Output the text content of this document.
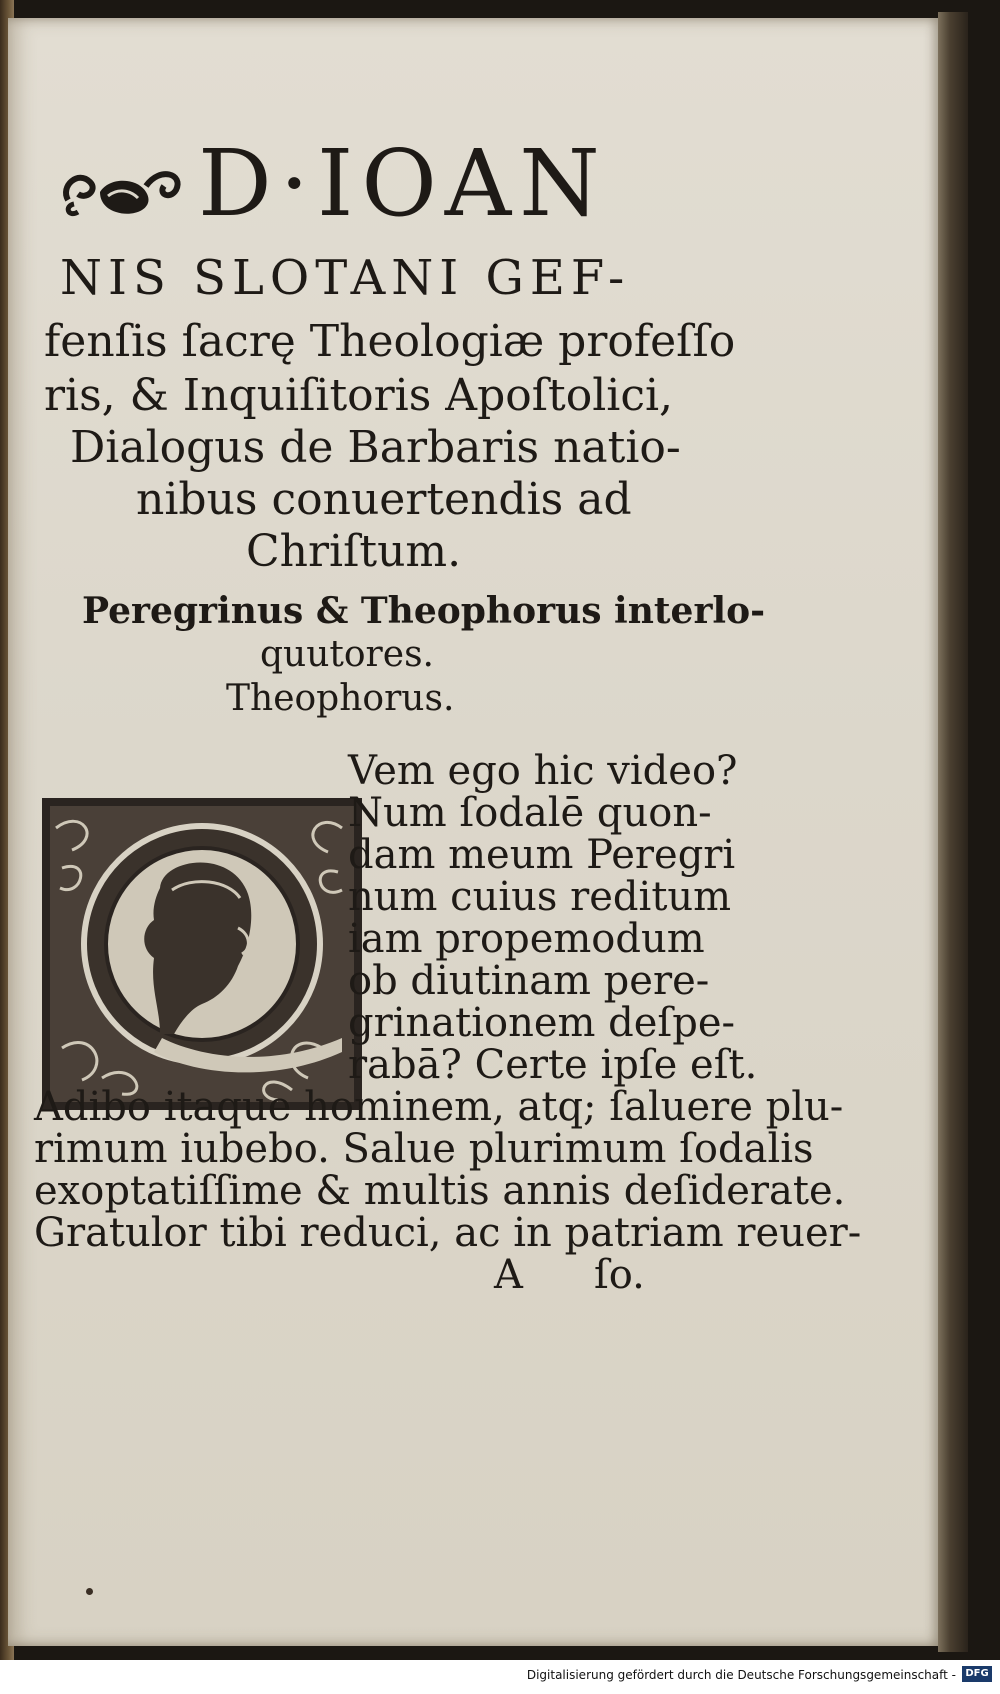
D·IOAN
NIS SLOTANI GEF-
fenſis ſacrę Theologiæ profeſſo
ris, & Inquiſitoris Apoſtolici,
Dialogus de Barbaris natio-
nibus conuertendis ad
Chriſtum.
Peregrinus & Theophorus interlo-
quutores.
Theophorus.
Vem ego hic video?
Num ſodalē quon-
dam meum Peregri
num cuius reditum
iam propemodum
ob diutinam pere-
grinationem deſpe-
rabā? Certe ipſe eſt.
Adibo itaque hominem, atq; ſaluere plu-
rimum iubebo. Salue plurimum ſodalis
exoptatiſſime & multis annis deſiderate.
Gratulor tibi reduci, ac in patriam reuer-
A ſo.
Digitalisierung gefördert durch die Deutsche Forschungsgemeinschaft - DFG
